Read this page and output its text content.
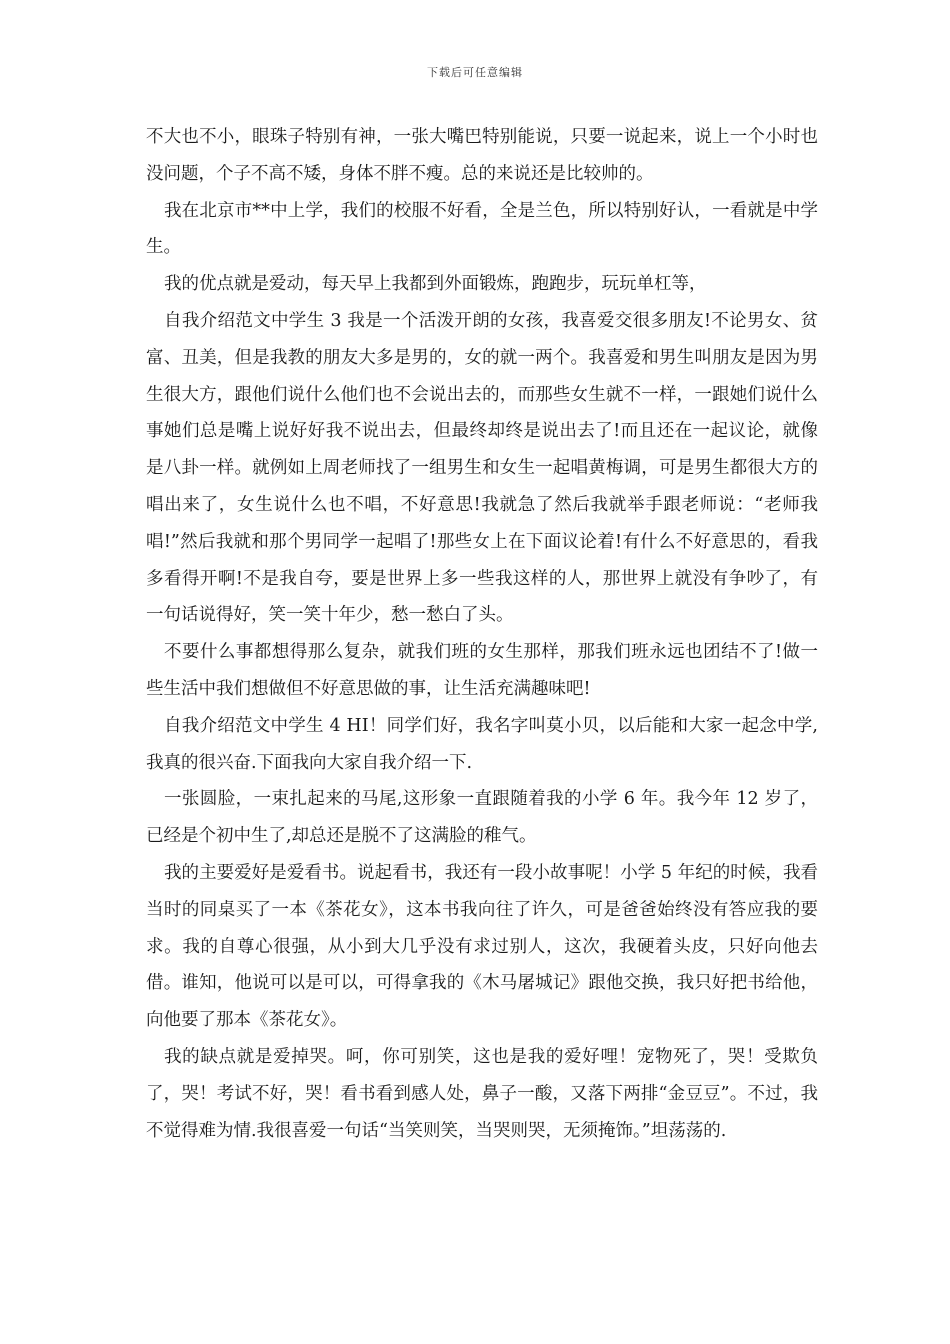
下载后可任意编辑

不大也不小，眼珠子特别有神，一张大嘴巴特别能说，只要一说起来，说上一个小时也没问题，个子不高不矮，身体不胖不瘦。总的来说还是比较帅的。

我在北京市**中上学，我们的校服不好看，全是兰色，所以特别好认，一看就是中学生。

我的优点就是爱动，每天早上我都到外面锻炼，跑跑步，玩玩单杠等，

自我介绍范文中学生 3 我是一个活泼开朗的女孩，我喜爱交很多朋友!不论男女、贫富、丑美，但是我教的朋友大多是男的，女的就一两个。我喜爱和男生叫朋友是因为男生很大方，跟他们说什么他们也不会说出去的，而那些女生就不一样，一跟她们说什么事她们总是嘴上说好好我不说出去，但最终却终是说出去了!而且还在一起议论，就像是八卦一样。就例如上周老师找了一组男生和女生一起唱黄梅调，可是男生都很大方的唱出来了，女生说什么也不唱，不好意思!我就急了然后我就举手跟老师说：“老师我唱!”然后我就和那个男同学一起唱了!那些女上在下面议论着!有什么不好意思的，看我多看得开啊!不是我自夸，要是世界上多一些我这样的人，那世界上就没有争吵了，有一句话说得好，笑一笑十年少，愁一愁白了头。

不要什么事都想得那么复杂，就我们班的女生那样，那我们班永远也团结不了!做一些生活中我们想做但不好意思做的事，让生活充满趣味吧!

自我介绍范文中学生 4 HI！同学们好，我名字叫莫小贝，以后能和大家一起念中学,我真的很兴奋.下面我向大家自我介绍一下.

一张圆脸，一束扎起来的马尾,这形象一直跟随着我的小学 6 年。我今年 12 岁了，已经是个初中生了,却总还是脱不了这满脸的稚气。

我的主要爱好是爱看书。说起看书，我还有一段小故事呢！小学 5 年纪的时候，我看当时的同桌买了一本《茶花女》，这本书我向往了许久，可是爸爸始终没有答应我的要求。我的自尊心很强，从小到大几乎没有求过别人，这次，我硬着头皮，只好向他去借。谁知，他说可以是可以，可得拿我的《木马屠城记》跟他交换，我只好把书给他，向他要了那本《茶花女》。

我的缺点就是爱掉哭。呵，你可别笑，这也是我的爱好哩！宠物死了，哭！受欺负了，哭！考试不好，哭！看书看到感人处，鼻子一酸，又落下两排“金豆豆”。不过，我不觉得难为情.我很喜爱一句话“当笑则笑，当哭则哭，无须掩饰。”坦荡荡的.
